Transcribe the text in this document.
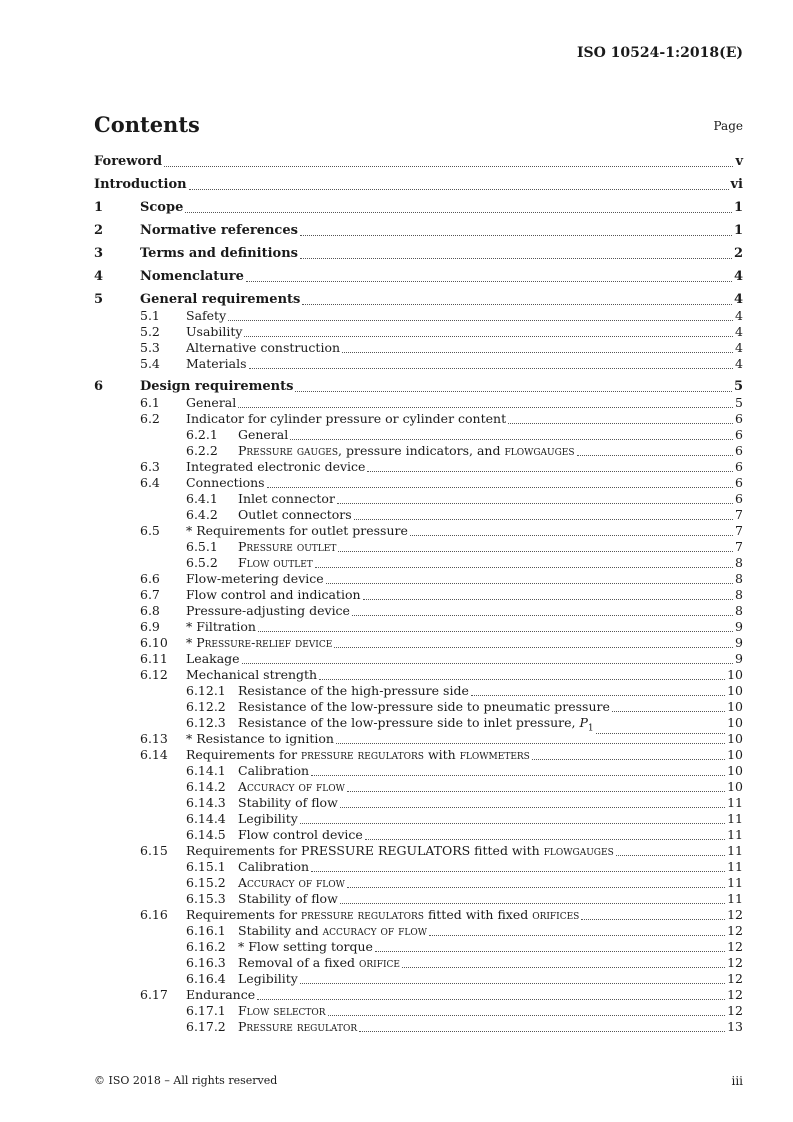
ISO 10524-1:2018(E)
Contents	Page
Foreword	v
Introduction	vi
1	Scope	1
2	Normative references	1
3	Terms and definitions	2
4	Nomenclature	4
5	General requirements	4
5.1 Safety	4
5.2 Usability	4
5.3 Alternative construction	4
5.4 Materials	4
6	Design requirements	5
6.1 General	5
6.2 Indicator for cylinder pressure or cylinder content	6
6.2.1 General	6
6.2.2 Pressure gauges, pressure indicators, and flowgauges	6
6.3 Integrated electronic device	6
6.4 Connections	6
6.4.1 Inlet connector	6
6.4.2 Outlet connectors	7
6.5 * Requirements for outlet pressure	7
6.5.1 Pressure outlet	7
6.5.2 Flow outlet	8
6.6 Flow-metering device	8
6.7 Flow control and indication	8
6.8 Pressure-adjusting device	8
6.9 * Filtration	9
6.10 * Pressure-relief device	9
6.11 Leakage	9
6.12 Mechanical strength	10
6.12.1 Resistance of the high-pressure side	10
6.12.2 Resistance of the low-pressure side to pneumatic pressure	10
6.12.3 Resistance of the low-pressure side to inlet pressure, $P_1$	10
6.13 * Resistance to ignition	10
6.14 Requirements for pressure regulators with flowmeters	10
6.14.1 Calibration	10
6.14.2 Accuracy of flow	10
6.14.3 Stability of flow	11
6.14.4 Legibility	11
6.14.5 Flow control device	11
6.15 Requirements for PRESSURE REGULATORS fitted with flowgauges	11
6.15.1 Calibration	11
6.15.2 Accuracy of flow	11
6.15.3 Stability of flow	11
6.16 Requirements for pressure regulators fitted with fixed orifices	12
6.16.1 Stability and accuracy of flow	12
6.16.2 * Flow setting torque	12
6.16.3 Removal of a fixed orifice	12
6.16.4 Legibility	12
6.17 Endurance	12
6.17.1 Flow selector	12
6.17.2 Pressure regulator	13
© ISO 2018 – All rights reserved	iii
